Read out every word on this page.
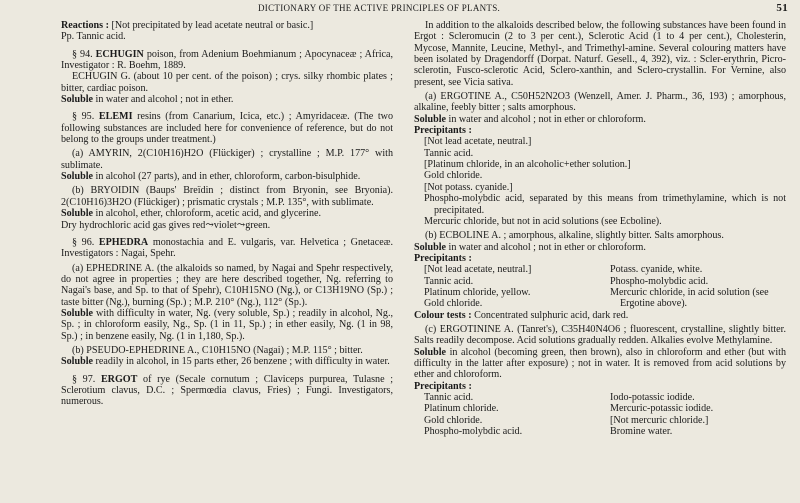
DICTIONARY OF THE ACTIVE PRINCIPLES OF PLANTS.	51

Reactions : [Not precipitated by lead acetate neutral or basic.]
Pp. Tannic acid.

§ 94. ECHUGIN poison, from Adenium Boehmianum ; Apocynaceæ ; Africa, Investigator : R. Boehm, 1889.

ECHUGIN G. (about 10 per cent. of the poison) ; crys. silky rhombic plates ; bitter, cardiac poison.

Soluble in water and alcohol ; not in ether.

§ 95. ELEMI resins (from Canarium, Icica, etc.) ; Amyridaceæ. (The two following substances are included here for convenience of reference, but do not belong to the groups under treatment.)

(a) AMYRIN, 2(C10H16)H2O (Flückiger) ; crystalline ; M.P. 177° with sublimate.

Soluble in alcohol (27 parts), and in ether, chloroform, carbon-bisulphide.

(b) BRYOIDIN (Baups' Breïdin ; distinct from Bryonin, see Bryonia). 2(C10H16)3H2O (Flückiger) ; prismatic crystals ; M.P. 135°, with sublimate.

Soluble in alcohol, ether, chloroform, acetic acid, and glycerine.

Dry hydrochloric acid gas gives red⤳violet⤳green.

§ 96. EPHEDRA monostachia and E. vulgaris, var. Helvetica ; Gnetaceæ. Investigators : Nagai, Spehr.

(a) EPHEDRINE A. (the alkaloids so named, by Nagai and Spehr respectively, do not agree in properties ; they are here described together, Ng. referring to Nagai's base, and Sp. to that of Spehr), C10H15NO (Ng.), or C13H19NO (Sp.) ; taste bitter (Ng.), burning (Sp.) ; M.P. 210° (Ng.), 112° (Sp.).

Soluble with difficulty in water, Ng. (very soluble, Sp.) ; readily in alcohol, Ng., Sp. ; in chloroform easily, Ng., Sp. (1 in 11, Sp.) ; in ether easily, Ng. (1 in 98, Sp.) ; in benzene easily, Ng. (1 in 1,180, Sp.).

(b) PSEUDO-EPHEDRINE A., C10H15NO (Nagai) ; M.P. 115° ; bitter.

Soluble readily in alcohol, in 15 parts ether, 26 benzene ; with difficulty in water.

§ 97. ERGOT of rye (Secale cornutum ; Claviceps purpurea, Tulasne ; Sclerotium clavus, D.C. ; Spermœdia clavus, Fries) ; Fungi. Investigators, numerous.

In addition to the alkaloids described below, the following substances have been found in Ergot : Scleromucin (2 to 3 per cent.), Sclerotic Acid (1 to 4 per cent.), Cholesterin, Mycose, Mannite, Leucine, Methyl-, and Trimethyl-amine. Several colouring matters have been isolated by Dragendorff (Dorpat. Naturf. Gesell., 4, 392), viz. : Scler-erythrin, Picro-sclerotin, Fusco-sclerotic Acid, Sclero-xanthin, and Sclero-crystallin. For Vernine, also present, see Vicia sativa.

(a) ERGOTINE A., C50H52N2O3 (Wenzell, Amer. J. Pharm., 36, 193) ; amorphous, alkaline, feebly bitter ; salts amorphous.

Soluble in water and alcohol ; not in ether or chloroform.

Precipitants :

[Not lead acetate, neutral.]
Tannic acid.
[Platinum chloride, in an alcoholic+ether solution.]
Gold chloride.
[Not potass. cyanide.]
Phospho-molybdic acid, separated by this means from trimethylamine, which is not precipitated.
Mercuric chloride, but not in acid solutions (see Ecboline).

(b) ECBOLINE A. ; amorphous, alkaline, slightly bitter. Salts amorphous.

Soluble in water and alcohol ; not in ether or chloroform.

Precipitants :

[Not lead acetate, neutral.]
Tannic acid.
Platinum chloride, yellow.
Gold chloride.
Potass. cyanide, white.
Phospho-molybdic acid.
Mercuric chloride, in acid solution (see Ergotine above).

Colour tests : Concentrated sulphuric acid, dark red.

(c) ERGOTININE A. (Tanret's), C35H40N4O6 ; fluorescent, crystalline, slightly bitter. Salts readily decompose. Acid solutions gradually redden. Alkalies evolve Methylamine.

Soluble in alcohol (becoming green, then brown), also in chloroform and ether (but with difficulty in the latter after exposure) ; not in water. It is removed from acid solutions by ether and chloroform.

Precipitants :

Tannic acid.
Platinum chloride.
Gold chloride.
Phospho-molybdic acid.
Iodo-potassic iodide.
Mercuric-potassic iodide.
[Not mercuric chloride.]
Bromine water.
